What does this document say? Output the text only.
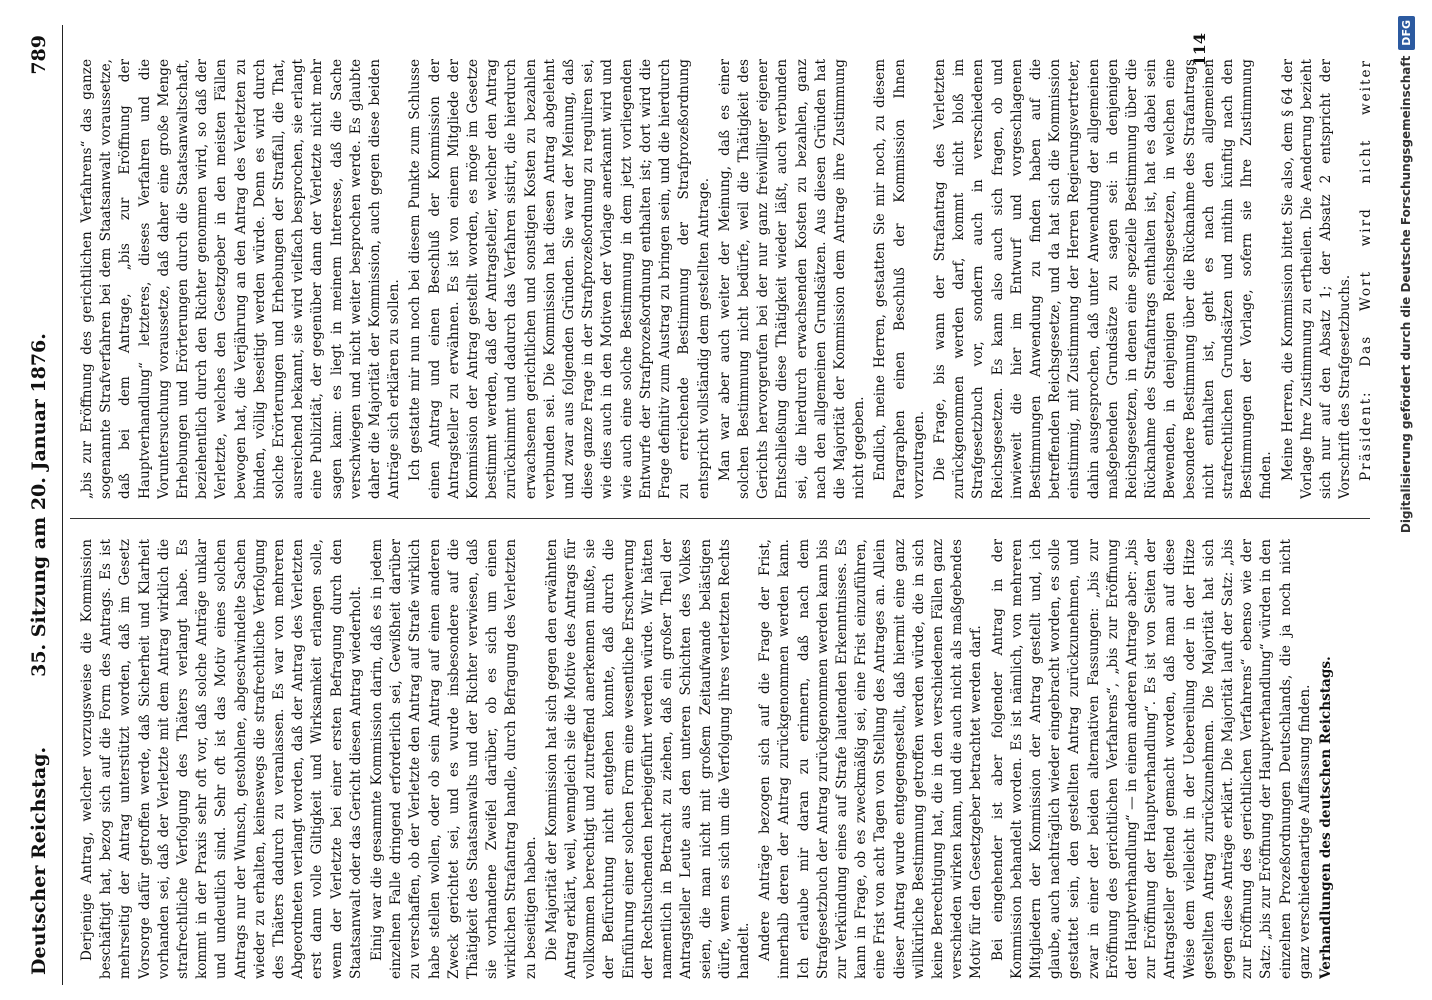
Deutscher Reichstag.
35. Sitzung am 20. Januar 1876.
789

Derjenige Antrag, welcher vorzugsweise die Kommission beschäftigt hat, bezog sich auf die Form des Antrags. Es ist mehrseitig der Antrag unterstützt worden, daß im Gesetz Vorsorge dafür getroffen werde, daß Sicherheit und Klarheit vorhanden sei, daß der Verletzte mit dem Antrag wirklich die strafrechtliche Verfolgung des Thäters verlangt habe. Es kommt in der Praxis sehr oft vor, daß solche Anträge unklar und undeutlich sind. Sehr oft ist das Motiv eines solchen Antrags nur der Wunsch, gestohlene, abgeschwindelte Sachen wieder zu erhalten, keineswegs die strafrechtliche Verfolgung des Thäters dadurch zu veranlassen. Es war von mehreren Abgeordneten verlangt worden, daß der Antrag des Verletzten erst dann volle Giltigkeit und Wirksamkeit erlangen solle, wenn der Verletzte bei einer ersten Befragung durch den Staatsanwalt oder das Gericht diesen Antrag wiederholt. Einig war die gesammte Kommission darin, daß es in jedem einzelnen Falle dringend erforderlich sei, Gewißheit darüber zu verschaffen, ob der Verletzte den Antrag auf Strafe wirklich habe stellen wollen, oder ob sein Antrag auf einen anderen Zweck gerichtet sei, und es wurde insbesondere auf die Thätigkeit des Staatsanwalts und der Richter verwiesen, daß sie vorhandene Zweifel darüber, ob es sich um einen wirklichen Strafantrag handle, durch Befragung des Verletzten zu beseitigen haben. Die Majorität der Kommission hat sich gegen den erwähnten Antrag erklärt, weil, wenngleich sie die Motive des Antrags für vollkommen berechtigt und zutreffend anerkennen mußte, sie der Befürchtung nicht entgehen konnte, daß durch die Einführung einer solchen Form eine wesentliche Erschwerung der Rechtsuchenden herbeigeführt werden würde. Wir hätten namentlich in Betracht zu ziehen, daß ein großer Theil der Antragsteller Leute aus den unteren Schichten des Volkes seien, die man nicht mit großem Zeitaufwande belästigen dürfe, wenn es sich um die Verfolgung ihres verletzten Rechts handelt. Andere Anträge bezogen sich auf die Frage der Frist, innerhalb deren der Antrag zurückgenommen werden kann. Ich erlaube mir daran zu erinnern, daß nach dem Strafgesetzbuch der Antrag zurückgenommen werden kann bis zur Verkündung eines auf Strafe lautenden Erkenntnisses. Es kann in Frage, ob es zweckmäßig sei, eine Frist einzuführen, eine Frist von acht Tagen von Stellung des Antrages an. Allein dieser Antrag wurde entgegengestellt, daß hiermit eine ganz willkürliche Bestimmung getroffen werden würde, die in sich keine Berechtigung hat, die in den verschiedenen Fällen ganz verschieden wirken kann, und die auch nicht als maßgebendes Motiv für den Gesetzgeber betrachtet werden darf. Bei eingehender ist aber folgender Antrag in der Kommission behandelt worden. Es ist nämlich, von mehreren Mitgliedern der Kommission der Antrag gestellt und, ich glaube, auch nachträglich wieder eingebracht worden, es solle gestattet sein, den gestellten Antrag zurückzunehmen, und zwar in einer der beiden alternativen Fassungen: „bis zur Eröffnung des gerichtlichen Verfahrens“, „bis zur Eröffnung der Hauptverhandlung“ — in einem anderen Antrage aber: „bis zur Eröffnung der Hauptverhandlung“. Es ist von Seiten der Antragsteller geltend gemacht worden, daß man auf diese Weise dem vielleicht in der Uebereilung oder in der Hitze gestellten Antrag zurückzunehmen. Die Majorität hat sich gegen diese Anträge erklärt. Die Majorität lauft der Satz: „bis zur Eröffnung des gerichtlichen Verfahrens“ ebenso wie der Satz: „bis zur Eröffnung der Hauptverhandlung“ würden in den einzelnen Prozeßordnungen Deutschlands, die ja noch nicht ganz verschiedenartige Auffassung finden. Verhandlungen des deutschen Reichstags.

„bis zur Eröffnung des gerichtlichen Verfahrens“ das ganze sogenannte Strafverfahren bei dem Staatsanwalt voraussetze, daß bei dem Antrage, „bis zur Eröffnung der Hauptverhandlung“ letzteres, dieses Verfahren und die Voruntersuchung voraussetze, daß daher eine große Menge Erhebungen und Erörterungen durch die Staatsanwaltschaft, beziehentlich durch den Richter genommen wird, so daß der Verletzte, welches den Gesetzgeber in den meisten Fällen bewogen hat, die Verjährung an den Antrag des Verletzten zu binden, völlig beseitigt werden würde. Denn es wird durch solche Erörterungen und Erhebungen der Straffall, die That, ausreichend bekannt, sie wird vielfach besprochen, sie erlangt eine Publizität, der gegenüber dann der Verletzte nicht mehr sagen kann: es liegt in meinem Interesse, daß die Sache verschwiegen und nicht weiter besprochen werde. Es glaubte daher die Majorität der Kommission, auch gegen diese beiden Anträge sich erklären zu sollen. Ich gestatte mir nun noch bei diesem Punkte zum Schlusse einen Antrag und einen Beschluß der Kommission der Antragsteller zu erwähnen. Es ist von einem Mitgliede der Kommission der Antrag gestellt worden, es möge im Gesetze bestimmt werden, daß der Antragsteller, welcher den Antrag zurücknimmt und dadurch das Verfahren sistirt, die hierdurch erwachsenen gerichtlichen und sonstigen Kosten zu bezahlen verbunden sei. Die Kommission hat diesen Antrag abgelehnt und zwar aus folgenden Gründen. Sie war der Meinung, daß diese ganze Frage in der Strafprozeßordnung zu reguliren sei, wie dies auch in den Motiven der Vorlage anerkannt wird und wie auch eine solche Bestimmung in dem jetzt vorliegenden Entwurfe der Strafprozeßordnung enthalten ist; dort wird die Frage definitiv zum Austrag zu bringen sein, und die hierdurch zu erreichende Bestimmung der Strafprozeßordnung entspricht vollständig dem gestellten Antrage. Man war aber auch weiter der Meinung, daß es einer solchen Bestimmung nicht bedürfe, weil die Thätigkeit des Gerichts hervorgerufen bei der nur ganz freiwilliger eigener Entschließung diese Thätigkeit wieder läßt, auch verbunden sei, die hierdurch erwachsenden Kosten zu bezahlen, ganz nach den allgemeinen Grundsätzen. Aus diesen Gründen hat die Majorität der Kommission dem Antrage ihre Zustimmung nicht gegeben. Endlich, meine Herren, gestatten Sie mir noch, zu diesem Paragraphen einen Beschluß der Kommission Ihnen vorzutragen. Die Frage, bis wann der Strafantrag des Verletzten zurückgenommen werden darf, kommt nicht bloß im Strafgesetzbuch vor, sondern auch in verschiedenen Reichsgesetzen. Es kann also auch sich fragen, ob und inwieweit die hier im Entwurf und vorgeschlagenen Bestimmungen Anwendung zu finden haben auf die betreffenden Reichsgesetze, und da hat sich die Kommission einstimmig, mit Zustimmung der Herren Regierungsvertreter, dahin ausgesprochen, daß unter Anwendung der allgemeinen maßgebenden Grundsätze zu sagen sei: in denjenigen Reichsgesetzen, in denen eine spezielle Bestimmung über die Rücknahme des Strafantrags enthalten ist, hat es dabei sein Bewenden, in denjenigen Reichsgesetzen, in welchen eine besondere Bestimmung über die Rücknahme des Strafantrags nicht enthalten ist, geht es nach den allgemeinen strafrechtlichen Grundsätzen und mithin künftig nach den Bestimmungen der Vorlage, sofern sie Ihre Zustimmung finden. Meine Herren, die Kommission bittet Sie also, dem § 64 der Vorlage Ihre Zustimmung zu ertheilen. Die Aenderung bezieht sich nur auf den Absatz 1; der Absatz 2 entspricht der Vorschrift des Strafgesetzbuchs. Präsident: Das Wort wird nicht weiter

114
Digitalisierung gefördert durch die Deutsche Forschungsgemeinschaft
DFG
